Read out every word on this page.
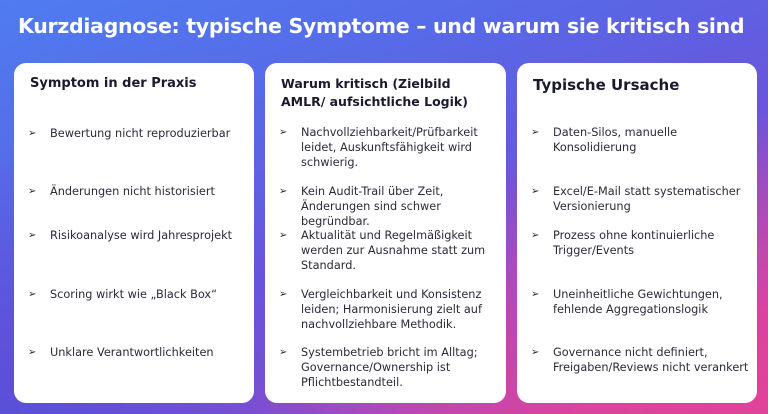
Kurzdiagnose: typische Symptome – und warum sie kritisch sind
Symptom in der Praxis
➢	Bewertung nicht reproduzierbar
➢	Änderungen nicht historisiert
➢	Risikoanalyse wird Jahresprojekt
➢	Scoring wirkt wie „Black Box“
➢	Unklare Verantwortlichkeiten
Warum kritisch (Zielbild AMLR/ aufsichtliche Logik)
➢	Nachvollziehbarkeit/Prüfbarkeit leidet, Auskunftsfähigkeit wird schwierig.
➢	Kein Audit-Trail über Zeit, Änderungen sind schwer begründbar.
➢	Aktualität und Regelmäßigkeit werden zur Ausnahme statt zum Standard.
➢	Vergleichbarkeit und Konsistenz leiden; Harmonisierung zielt auf nachvollziehbare Methodik.
➢	Systembetrieb bricht im Alltag; Governance/Ownership ist Pflichtbestandteil.
Typische Ursache
➢	Daten-Silos, manuelle Konsolidierung
➢	Excel/E-Mail statt systematischer Versionierung
➢	Prozess ohne kontinuierliche Trigger/Events
➢	Uneinheitliche Gewichtungen, fehlende Aggregationslogik
➢	Governance nicht definiert, Freigaben/Reviews nicht verankert
